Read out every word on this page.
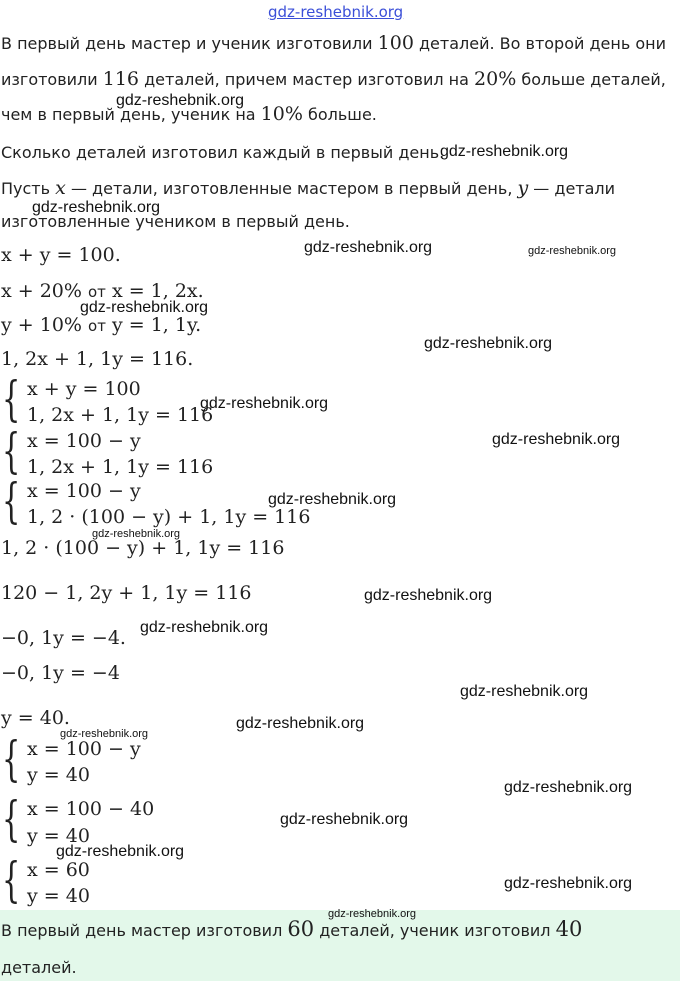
gdz-reshebnik.org
В первый день мастер и ученик изготовили 100 деталей. Во второй день они
изготовили 116 деталей, причем мастер изготовил на 20% больше деталей,
чем в первый день, ученик на 10% больше.
Сколько деталей изготовил каждый в первый день.
Пусть x — детали, изготовленные мастером в первый день, y — детали
изготовленные учеником в первый день.
x + y = 100.
x + 20% от x = 1, 2x.
y + 10% от y = 1, 1y.
1, 2x + 1, 1y = 116.
{ x + y = 100
1, 2x + 1, 1y = 116
{ x = 100 − y
1, 2x + 1, 1y = 116
{ x = 100 − y
1, 2 · (100 − y) + 1, 1y = 116
1, 2 · (100 − y) + 1, 1y = 116
120 − 1, 2y + 1, 1y = 116
−0, 1y = −4.
−0, 1y = −4
y = 40.
{ x = 100 − y
y = 40
{ x = 100 − 40
y = 40
{ x = 60
y = 40
В первый день мастер изготовил 60 деталей, ученик изготовил 40
деталей.
gdz-reshebnik.org
gdz-reshebnik.org
gdz-reshebnik.org
gdz-reshebnik.org	gdz-reshebnik.org
gdz-reshebnik.org
gdz-reshebnik.org
gdz-reshebnik.org
gdz-reshebnik.org
gdz-reshebnik.org
gdz-reshebnik.org
gdz-reshebnik.org
gdz-reshebnik.org
gdz-reshebnik.org
gdz-reshebnik.org
gdz-reshebnik.org
gdz-reshebnik.org
gdz-reshebnik.org
gdz-reshebnik.org
gdz-reshebnik.org
gdz-reshebnik.org
